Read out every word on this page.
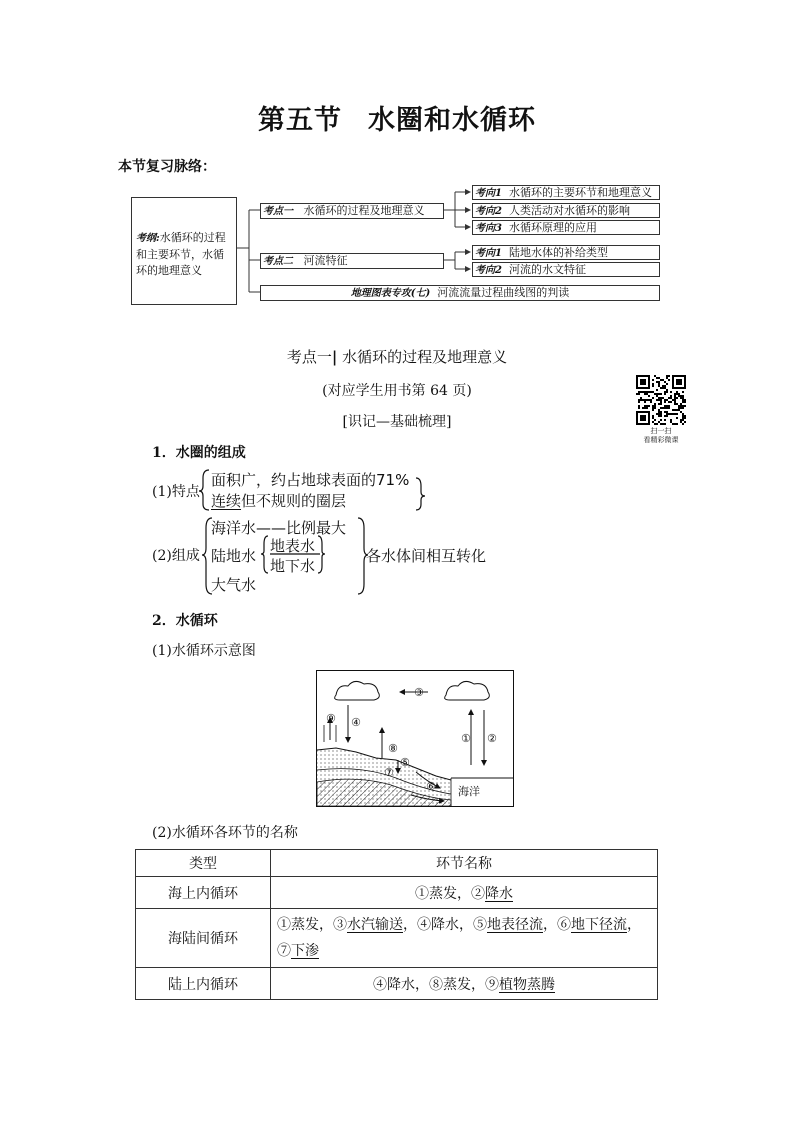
第五节 水圈和水循环
本节复习脉络：
考纲:水循环的过程和主要环节，水循环的地理意义
考点一 水循环的过程及地理意义
考点二 河流特征
考向1 水循环的主要环节和地理意义
考向2 人类活动对水循环的影响
考向3 水循环原理的应用
考向1 陆地水体的补给类型
考向2 河流的水文特征
地理图表专攻(七) 河流流量过程曲线图的判读
考点一| 水循环的过程及地理意义
(对应学生用书第 64 页)
[识记—基础梳理]
扫一扫
看精彩微课
1．水圈的组成
(1)特点
面积广，约占地球表面的71%
连续但不规则的圈层
(2)组成
海洋水——比例最大
陆地水
地表水
地下水
大气水
各水体间相互转化
2．水循环
(1)水循环示意图
① ②
③
④
⑤
⑥
⑦
⑧
⑨
海洋
(2)水循环各环节的名称
类型	环节名称
海上内循环	①蒸发，②降水
海陆间循环	①蒸发，③水汽输送，④降水，⑤地表径流，⑥地下径流，⑦下渗
陆上内循环	④降水，⑧蒸发，⑨植物蒸腾
